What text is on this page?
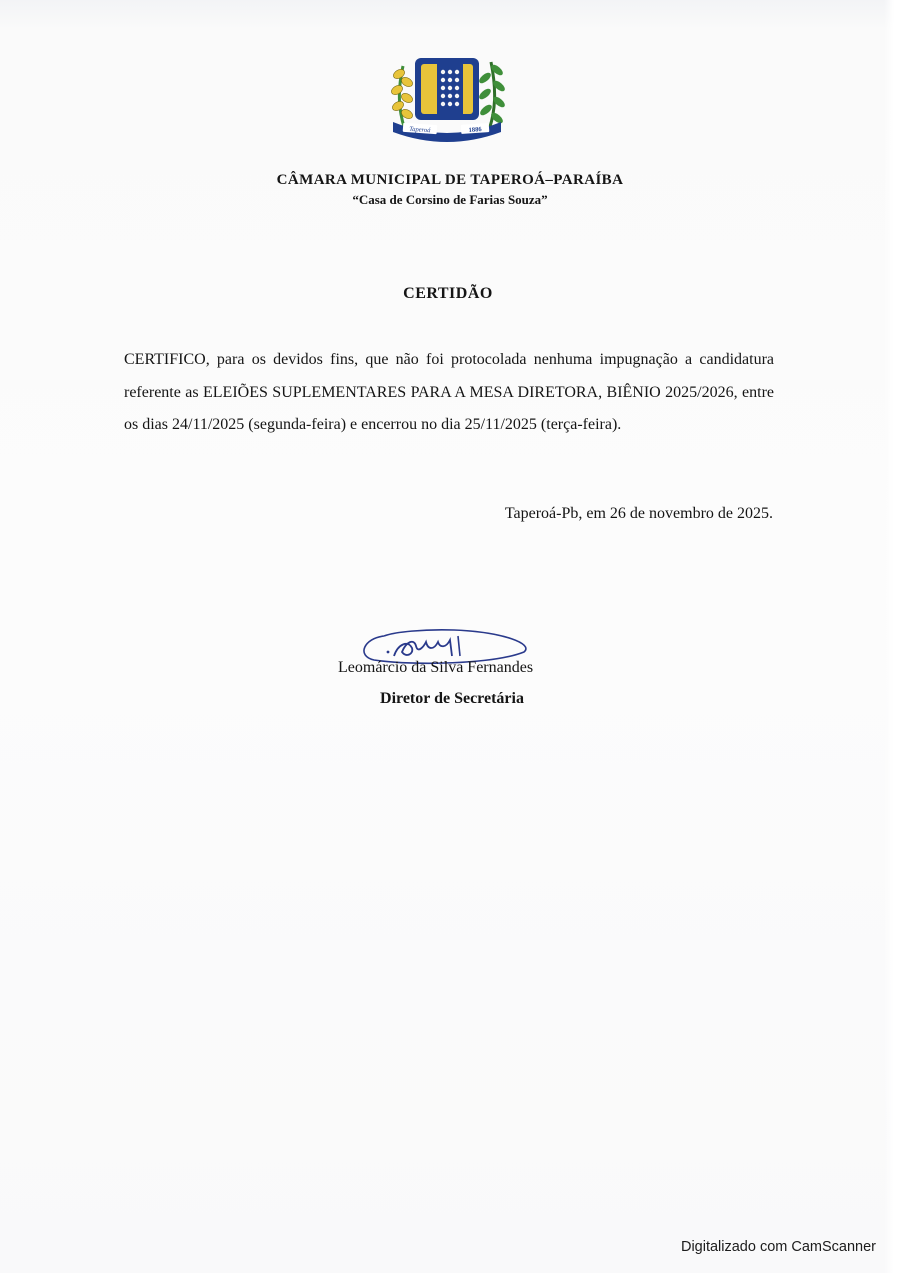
Taperoá	1886
CÂMARA MUNICIPAL DE TAPEROÁ–PARAÍBA
“Casa de Corsino de Farias Souza”
CERTIDÃO

CERTIFICO, para os devidos fins, que não foi protocolada nenhuma impugnação a candidatura referente as ELEIÕES SUPLEMENTARES PARA A MESA DIRETORA, BIÊNIO 2025/2026, entre os dias 24/11/2025 (segunda-feira) e encerrou no dia 25/11/2025 (terça-feira).

Taperoá-Pb, em 26 de novembro de 2025.
Leomárcio da Silva Fernandes
Diretor de Secretária
Digitalizado com CamScanner
